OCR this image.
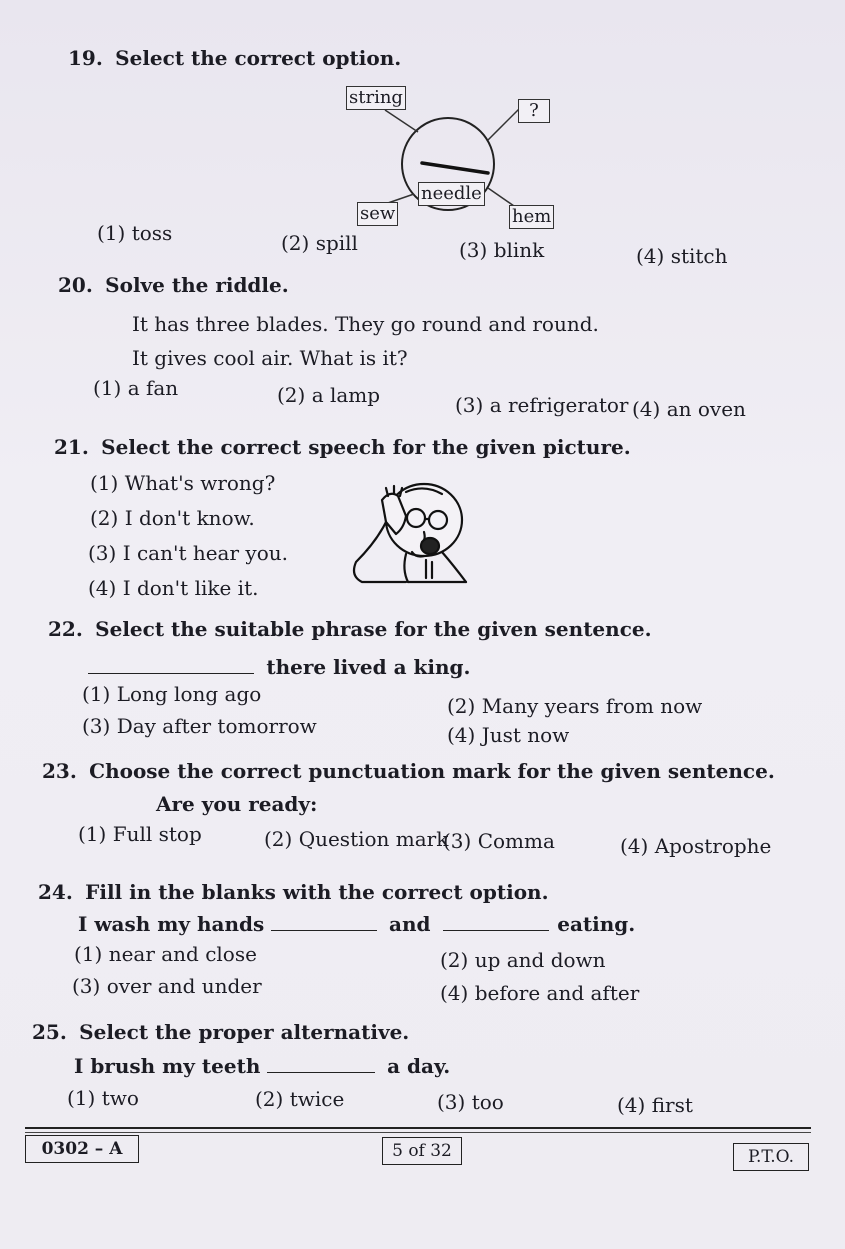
19. Select the correct option.
string
?
needle
sew	hem
(1) toss	(2) spill	(3) blink	(4) stitch
20. Solve the riddle.
It has three blades. They go round and round.
It gives cool air. What is it?
(1) a fan	(2) a lamp	(3) a refrigerator (4) an oven
21. Select the correct speech for the given picture.
(1) What's wrong?
(2) I don't know.
(3) I can't hear you.
(4) I don't like it.
22. Select the suitable phrase for the given sentence.
there lived a king.
(1) Long long ago	(2) Many years from now
(3) Day after tomorrow	(4) Just now
23. Choose the correct punctuation mark for the given sentence.
Are you ready:
(1) Full stop	(2) Question mark
(3) Comma	(4) Apostrophe
24. Fill in the blanks with the correct option.
I wash my hands	and	eating.
(1) near and close	(2) up and down
(3) over and under	(4) before and after
25. Select the proper alternative.
I brush my teeth	a day.
(1) two	(2) twice	(3) too	(4) first
0302 – A	5 of 32	P.T.O.
